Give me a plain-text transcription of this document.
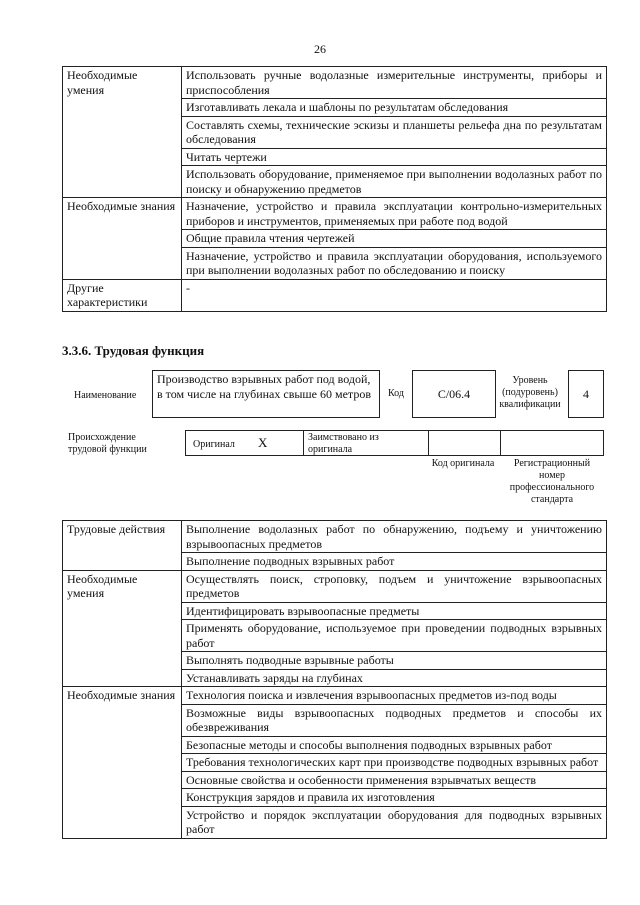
26
Необходимые умения	Использовать ручные водолазные измерительные инструменты, приборы и приспособления
	Изготавливать лекала и шаблоны по результатам обследования
	Составлять схемы, технические эскизы и планшеты рельефа дна по результатам обследования
	Читать чертежи
	Использовать оборудование, применяемое при выполнении водолазных работ по поиску и обнаружению предметов
Необходимые знания	Назначение, устройство и правила эксплуатации контрольно-измерительных приборов и инструментов, применяемых при работе под водой
	Общие правила чтения чертежей
	Назначение, устройство и правила эксплуатации оборудования, используемого при выполнении водолазных работ по обследованию и поиску
Другие характеристики	-
3.3.6. Трудовая функция
Наименование
Производство взрывных работ под водой, в том числе на глубинах свыше 60 метров	Код	C/06.4
Уровень (подуровень) квалификации
4
Происхождение трудовой функции	Оригинал X	Заимствовано из оригинала
Код оригинала	Регистрационный номер профессионального стандарта
Трудовые действия	Выполнение водолазных работ по обнаружению, подъему и уничтожению взрывоопасных предметов
	Выполнение подводных взрывных работ
Необходимые умения	Осуществлять поиск, строповку, подъем и уничтожение взрывоопасных предметов
	Идентифицировать взрывоопасные предметы
	Применять оборудование, используемое при проведении подводных взрывных работ
	Выполнять подводные взрывные работы
	Устанавливать заряды на глубинах
Необходимые знания	Технология поиска и извлечения взрывоопасных предметов из-под воды
	Возможные виды взрывоопасных подводных предметов и способы их обезвреживания
	Безопасные методы и способы выполнения подводных взрывных работ
	Требования технологических карт при производстве подводных взрывных работ
	Основные свойства и особенности применения взрывчатых веществ
	Конструкция зарядов и правила их изготовления
	Устройство и порядок эксплуатации оборудования для подводных взрывных работ
